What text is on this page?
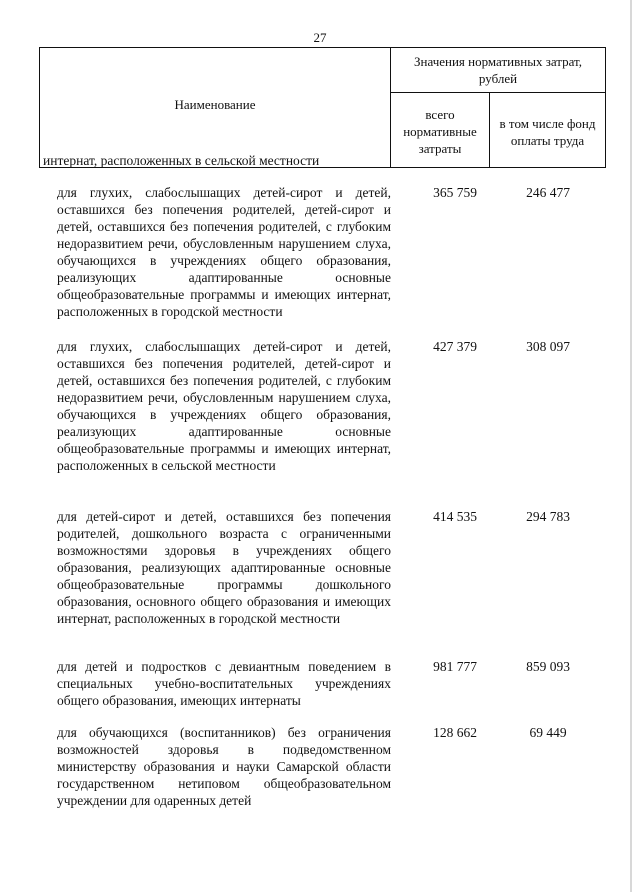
27
Наименование	Значения нормативных затрат, рублей	
	всего нормативные затраты	в том числе фонд оплаты труда
интернат, расположенных в сельской местности
для глухих, слабослышащих детей-сирот и детей, оставшихся без попечения родителей, детей-сирот и детей, оставшихся без попечения родителей, с глубоким недоразвитием речи, обусловленным нарушением слуха, обучающихся в учреждениях общего образования, реализующих адаптированные основные общеобразовательные программы и имеющих интернат, расположенных в городской местности
365 759	246 477
для глухих, слабослышащих детей-сирот и детей, оставшихся без попечения родителей, детей-сирот и детей, оставшихся без попечения родителей, с глубоким недоразвитием речи, обусловленным нарушением слуха, обучающихся в учреждениях общего образования, реализующих адаптированные основные общеобразовательные программы и имеющих интернат, расположенных в сельской местности
427 379	308 097
для детей-сирот и детей, оставшихся без попечения родителей, дошкольного возраста с ограниченными возможностями здоровья в учреждениях общего образования, реализующих адаптированные основные общеобразовательные программы дошкольного образования, основного общего образования и имеющих интернат, расположенных в городской местности
414 535	294 783
для детей и подростков с девиантным поведением в специальных учебно-воспитательных учреждениях общего образования, имеющих интернаты
981 777	859 093
для обучающихся (воспитанников) без ограничения возможностей здоровья в подведомственном министерству образования и науки Самарской области государственном нетиповом общеобразовательном учреждении для одаренных детей
128 662	69 449
